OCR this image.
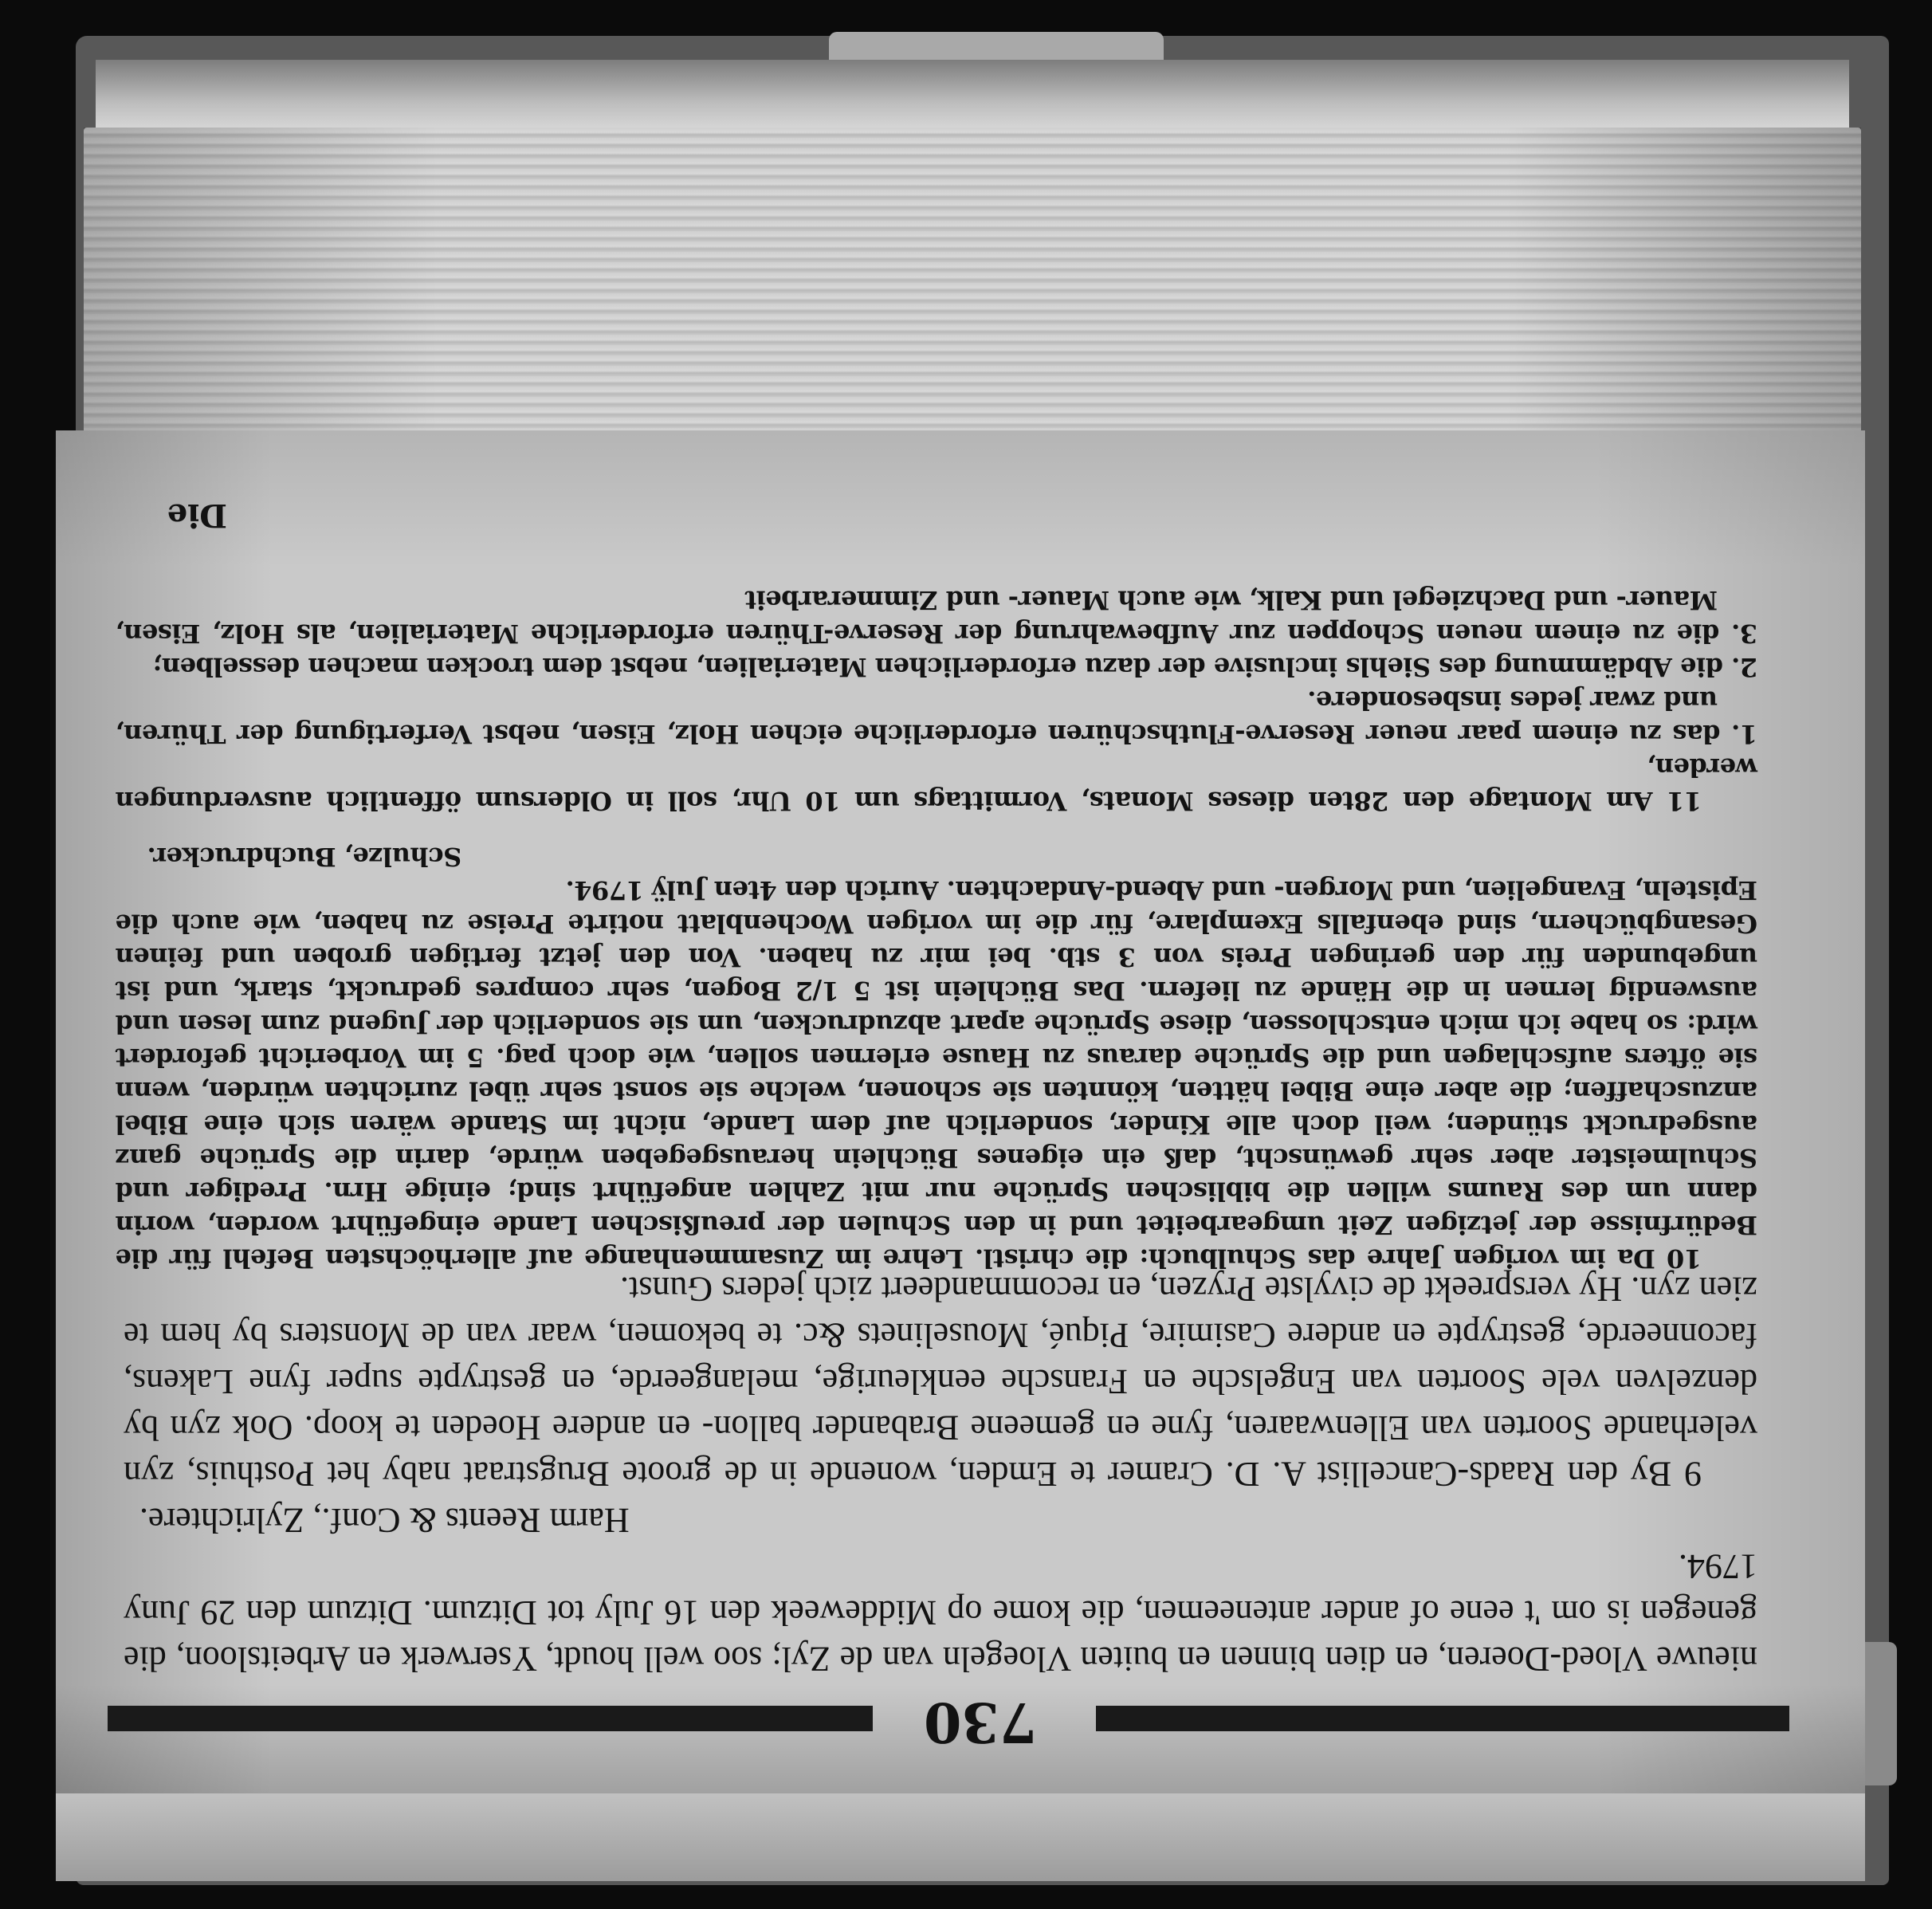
730

nieuwe Vloed-Doeren, en dien binnen en buiten Vloegeln van de Zyl; soo well houdt, Yserwerk en Arbeitsloon, die genegen is om 't eene of ander anteneemen, die kome op Middeweek den 16 July tot Ditzum. Ditzum den 29 Juny 1794.

Harm Reents & Conf., Zylrichtere.

9 By den Raads-Cancellist A. D. Cramer te Emden, wonende in de groote Brugstraat naby het Posthuis, zyn velerhande Soorten van Ellenwaaren, fyne en gemeene Brabander ballon- en andere Hoeden te koop. Ook zyn by denzelven vele Soorten van Engelsche en Fransche eenkleurige, melangeerde, en gestrypte super fyne Lakens, faconneerde, gestrypte en andere Casimire, Piqué, Mouselinets &c. te bekomen, waar van de Monsters by hem te zien zyn. Hy verspreekt de civylste Pryzen, en recommandeert zich jeders Gunst.

10 Da im vorigen Jahre das Schulbuch: die christl. Lehre im Zusammenhange auf allerhöchsten Befehl für die Bedürfnisse der jetzigen Zeit umgearbeitet und in den Schulen der preußischen Lande eingeführt worden, worin dann um des Raums willen die biblischen Sprüche nur mit Zahlen angeführt sind; einige Hrn. Prediger und Schulmeister aber sehr gewünscht, daß ein eigenes Büchlein herausgegeben würde, darin die Sprüche ganz ausgedruckt stünden; weil doch alle Kinder, sonderlich auf dem Lande, nicht im Stande wären sich eine Bibel anzuschaffen; die aber eine Bibel hätten, könnten sie schonen, welche sie sonst sehr übel zurichten würden, wenn sie öfters aufschlagen und die Sprüche daraus zu Hause erlernen sollen, wie doch pag. 5 im Vorbericht gefordert wird: so habe ich mich entschlossen, diese Sprüche apart abzudrucken, um sie sonderlich der Jugend zum lesen und auswendig lernen in die Hände zu liefern. Das Büchlein ist 5 1/2 Bogen, sehr compres gedruckt, stark, und ist ungebunden für den geringen Preis von 3 stb. bei mir zu haben. Von den jetzt fertigen groben und feinen Gesangbüchern, sind ebenfalls Exemplare, für die im vorigen Wochenblatt notirte Preise zu haben, wie auch die Episteln, Evangelien, und Morgen- und Abend-Andachten. Aurich den 4ten Julÿ 1794.

Schulze, Buchdrucker.

11 Am Montage den 28ten dieses Monats, Vormittags um 10 Uhr, soll in Oldersum öffentlich ausverdungen werden,

1. das zu einem paar neuer Reserve-Fluthschüren erforderliche eichen Holz, Eisen, nebst Verfertigung der Thüren, und zwar jedes insbesondere.

2. die Abdämmung des Siehls inclusive der dazu erforderlichen Materialien, nebst dem trocken machen desselben;

3. die zu einem neuen Schoppen zur Aufbewahrung der Reserve-Thüren erforderliche Materialien, als Holz, Eisen, Mauer- und Dachziegel und Kalk, wie auch Mauer- und Zimmerarbeit

Die
